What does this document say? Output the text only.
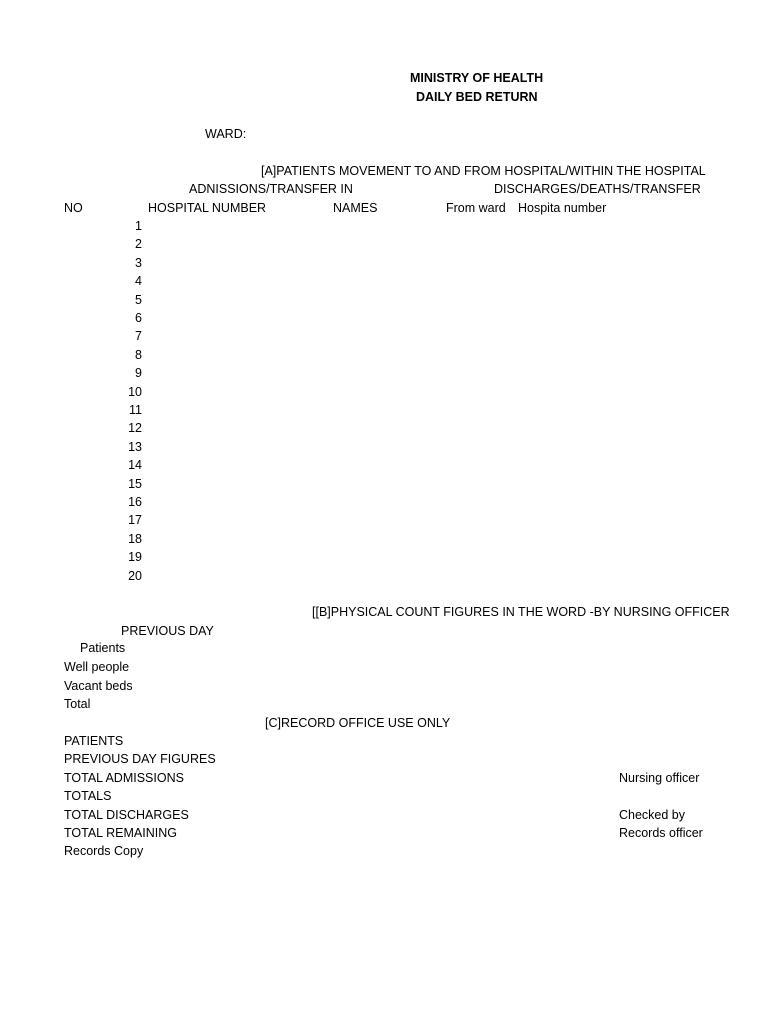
MINISTRY OF HEALTH
DAILY BED RETURN
WARD:
[A]PATIENTS MOVEMENT TO AND FROM HOSPITAL/WITHIN THE HOSPITAL
ADNISSIONS/TRANSFER IN	DISCHARGES/DEATHS/TRANSFER
NO	HOSPITAL NUMBER	NAMES	From ward Hospita number
1
2
3
4
5
6
7
8
9
10
11
12
13
14
15
16
17
18
19
20
[[B]PHYSICAL COUNT FIGURES IN THE WORD -BY NURSING OFFICER
PREVIOUS DAY
Patients
Well people
Vacant beds
Total
[C]RECORD OFFICE USE ONLY
PATIENTS
PREVIOUS DAY FIGURES
TOTAL ADMISSIONS
TOTALS
TOTAL DISCHARGES
TOTAL REMAINING
Records Copy
Nursing officer
Checked by
Records officer
